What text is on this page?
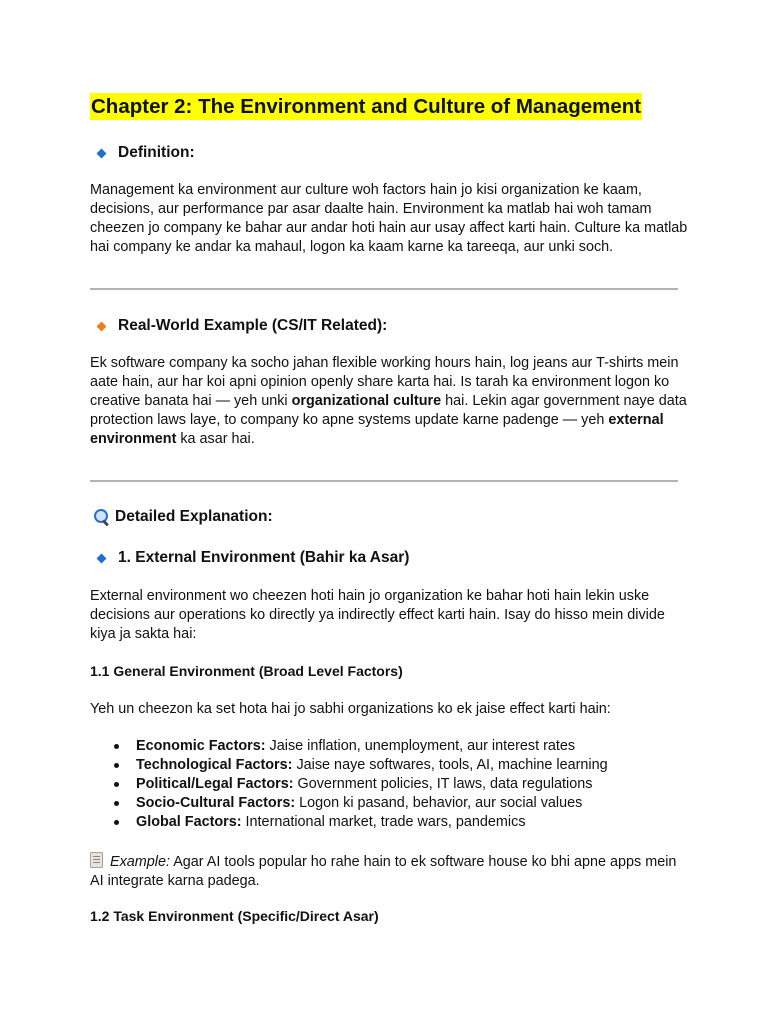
Chapter 2: The Environment and Culture of Management
Definition:

Management ka environment aur culture woh factors hain jo kisi organization ke kaam, decisions, aur performance par asar daalte hain. Environment ka matlab hai woh tamam cheezen jo company ke bahar aur andar hoti hain aur usay affect karti hain. Culture ka matlab hai company ke andar ka mahaul, logon ka kaam karne ka tareeqa, aur unki soch.

Real-World Example (CS/IT Related):

Ek software company ka socho jahan flexible working hours hain, log jeans aur T-shirts mein aate hain, aur har koi apni opinion openly share karta hai. Is tarah ka environment logon ko creative banata hai — yeh unki organizational culture hai. Lekin agar government naye data protection laws laye, to company ko apne systems update karne padenge — yeh external environment ka asar hai.

Detailed Explanation:
1. External Environment (Bahir ka Asar)

External environment wo cheezen hoti hain jo organization ke bahar hoti hain lekin uske decisions aur operations ko directly ya indirectly effect karti hain. Isay do hisso mein divide kiya ja sakta hai:

1.1 General Environment (Broad Level Factors)

Yeh un cheezon ka set hota hai jo sabhi organizations ko ek jaise effect karti hain:

Economic Factors: Jaise inflation, unemployment, aur interest rates
Technological Factors: Jaise naye softwares, tools, AI, machine learning
Political/Legal Factors: Government policies, IT laws, data regulations
Socio-Cultural Factors: Logon ki pasand, behavior, aur social values
Global Factors: International market, trade wars, pandemics

Example: Agar AI tools popular ho rahe hain to ek software house ko bhi apne apps mein AI integrate karna padega.

1.2 Task Environment (Specific/Direct Asar)
